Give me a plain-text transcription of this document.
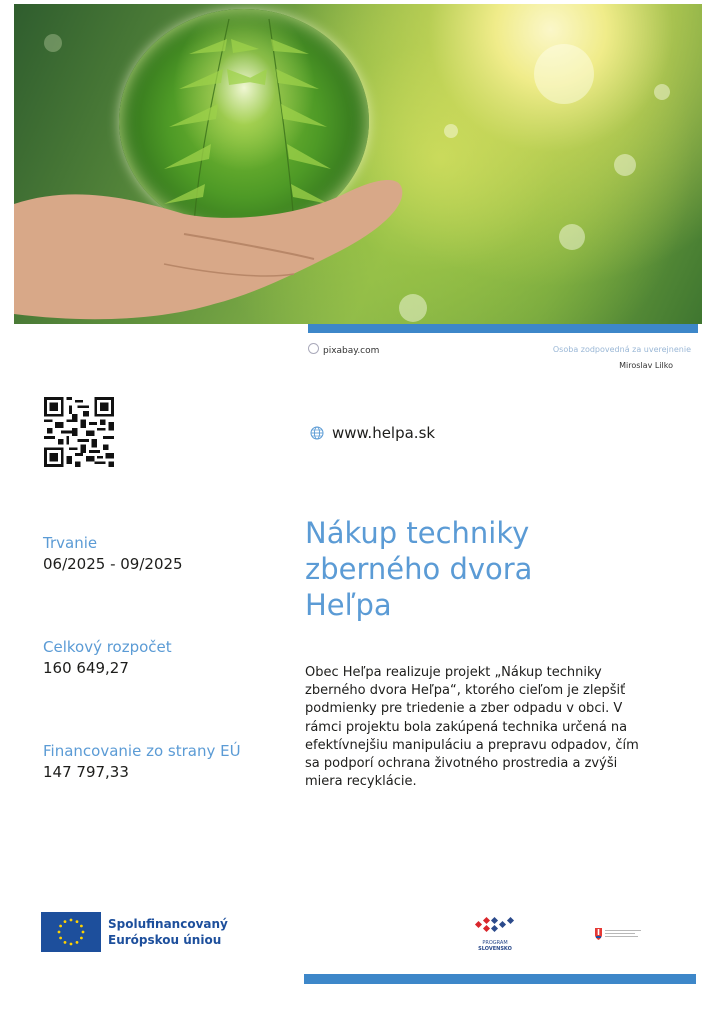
pixabay.com	Osoba zodpovedná za uverejnenie
Miroslav Lilko
www.helpa.sk
Trvanie
06/2025 - 09/2025
Celkový rozpočet
160 649,27
Financovanie zo strany EÚ
147 797,33
Nákup techniky
zberného dvora
Heľpa
Obec Heľpa realizuje projekt „Nákup techniky
zberného dvora Heľpa“, ktorého cieľom je zlepšiť
podmienky pre triedenie a zber odpadu v obci. V
rámci projektu bola zakúpená technika určená na
efektívnejšiu manipuláciu a prepravu odpadov, čím
sa podporí ochrana životného prostredia a zvýši
miera recyklácie.
Spolufinancovaný
Európskou úniou	PROGRAM
SLOVENSKO
